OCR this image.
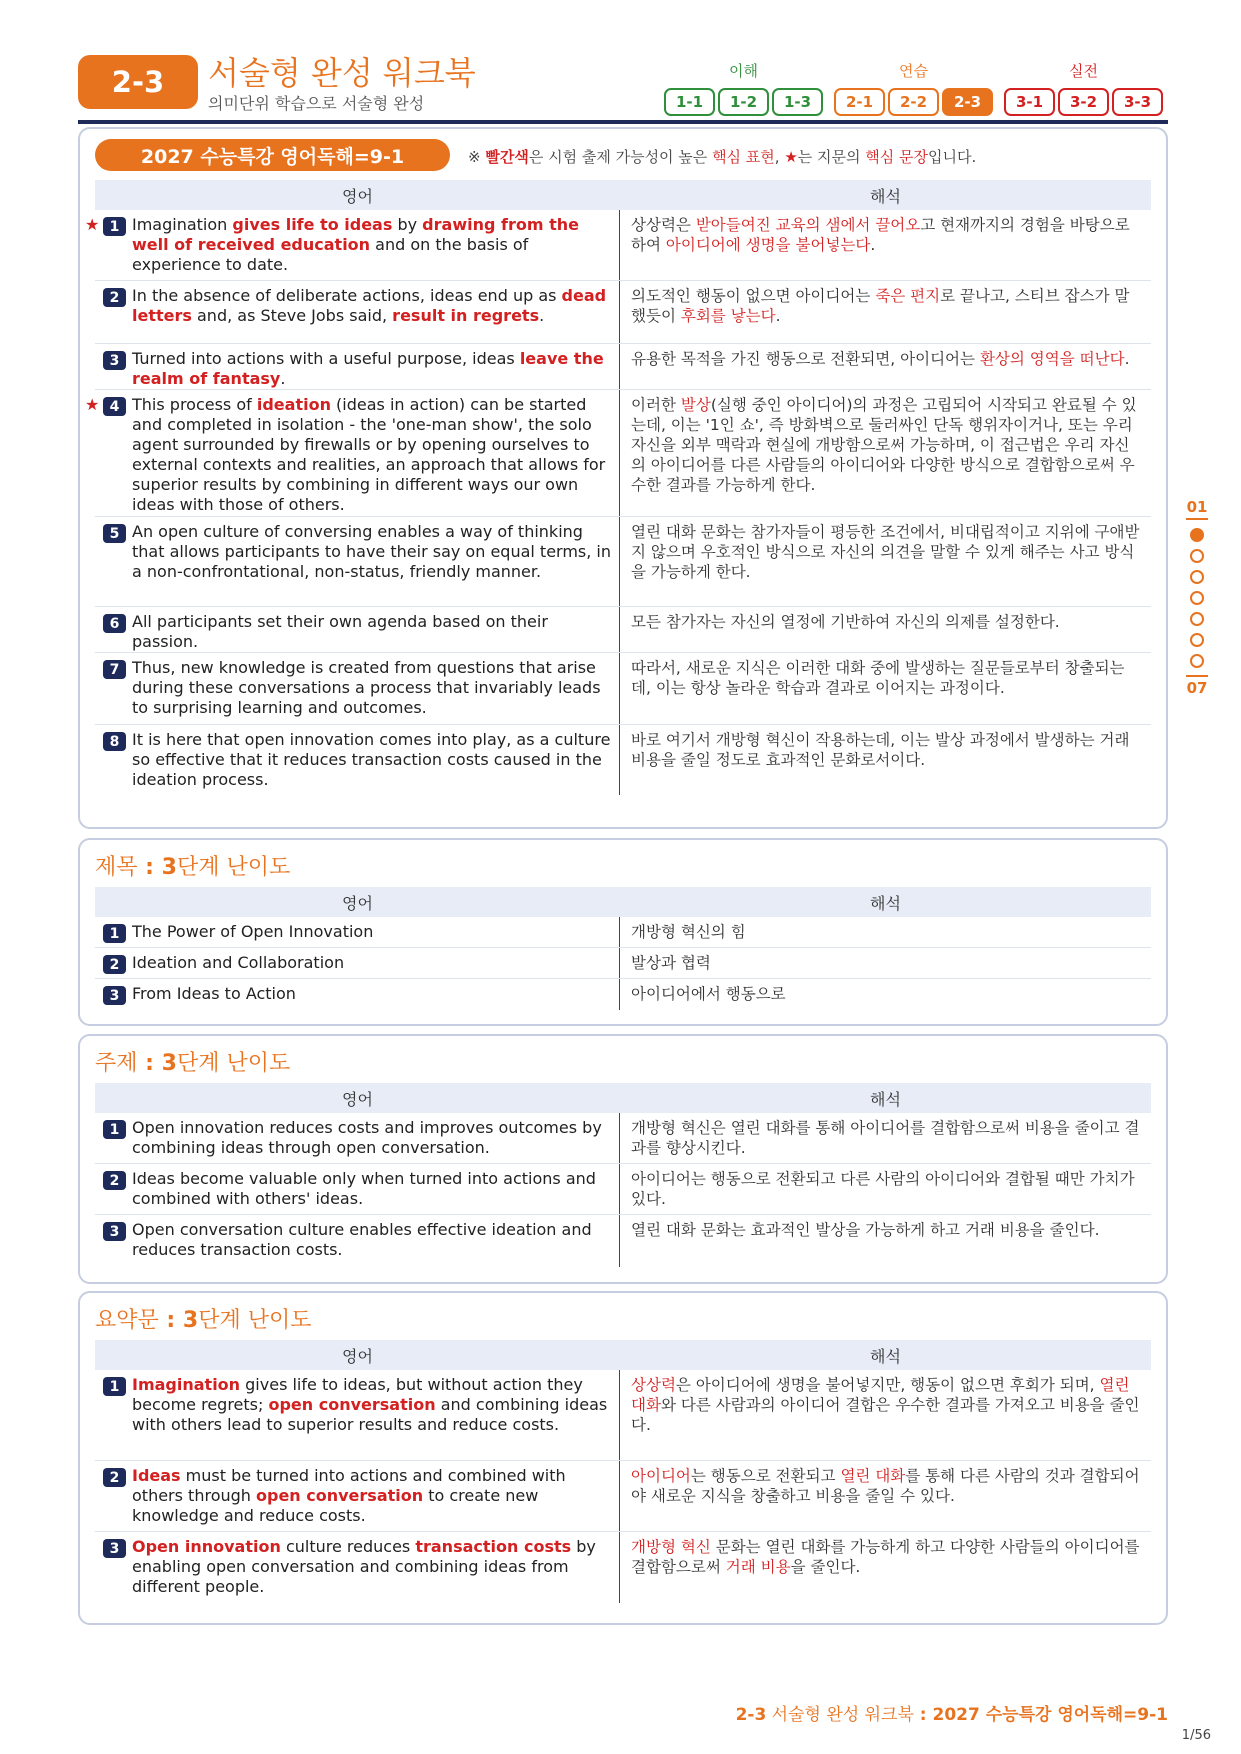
2-3	서술형 완성 워크북
의미단위 학습으로 서술형 완성
이해
1-1	1-2	1-3
연습
2-1	2-2	2-3
실전
3-1	3-2	3-3
01
07
2027 수능특강 영어독해=9-1	※ 빨간색은 시험 출제 가능성이 높은 핵심 표현, ★는 지문의 핵심 문장입니다.
영어	해석
★ 1 Imagination gives life to ideas by drawing from the well of received education and on the basis of experience to date.
상상력은 받아들여진 교육의 샘에서 끌어오고 현재까지의 경험을 바탕으로 하여 아이디어에 생명을 불어넣는다.
2 In the absence of deliberate actions, ideas end up as dead letters and, as Steve Jobs said, result in regrets.
의도적인 행동이 없으면 아이디어는 죽은 편지로 끝나고, 스티브 잡스가 말했듯이 후회를 낳는다.
3 Turned into actions with a useful purpose, ideas leave the realm of fantasy.
유용한 목적을 가진 행동으로 전환되면, 아이디어는 환상의 영역을 떠난다.
★ 4 This process of ideation (ideas in action) can be started and completed in isolation - the 'one-man show', the solo agent surrounded by firewalls or by opening ourselves to external contexts and realities, an approach that allows for superior results by combining in different ways our own ideas with those of others.
이러한 발상(실행 중인 아이디어)의 과정은 고립되어 시작되고 완료될 수 있는데, 이는 '1인 쇼', 즉 방화벽으로 둘러싸인 단독 행위자이거나, 또는 우리 자신을 외부 맥락과 현실에 개방함으로써 가능하며, 이 접근법은 우리 자신의 아이디어를 다른 사람들의 아이디어와 다양한 방식으로 결합함으로써 우수한 결과를 가능하게 한다.
5 An open culture of conversing enables a way of thinking that allows participants to have their say on equal terms, in a non-confrontational, non-status, friendly manner.
열린 대화 문화는 참가자들이 평등한 조건에서, 비대립적이고 지위에 구애받지 않으며 우호적인 방식으로 자신의 의견을 말할 수 있게 해주는 사고 방식을 가능하게 한다.
6 All participants set their own agenda based on their passion.
모든 참가자는 자신의 열정에 기반하여 자신의 의제를 설정한다.
7 Thus, new knowledge is created from questions that arise during these conversations a process that invariably leads to surprising learning and outcomes.
따라서, 새로운 지식은 이러한 대화 중에 발생하는 질문들로부터 창출되는데, 이는 항상 놀라운 학습과 결과로 이어지는 과정이다.
8 It is here that open innovation comes into play, as a culture so effective that it reduces transaction costs caused in the ideation process.
바로 여기서 개방형 혁신이 작용하는데, 이는 발상 과정에서 발생하는 거래 비용을 줄일 정도로 효과적인 문화로서이다.
제목 : 3단계 난이도
영어	해석
1 The Power of Open Innovation	개방형 혁신의 힘
2 Ideation and Collaboration	발상과 협력
3 From Ideas to Action	아이디어에서 행동으로
주제 : 3단계 난이도
영어	해석
1 Open innovation reduces costs and improves outcomes by combining ideas through open conversation.
개방형 혁신은 열린 대화를 통해 아이디어를 결합함으로써 비용을 줄이고 결과를 향상시킨다.
2 Ideas become valuable only when turned into actions and combined with others' ideas.
아이디어는 행동으로 전환되고 다른 사람의 아이디어와 결합될 때만 가치가 있다.
3 Open conversation culture enables effective ideation and reduces transaction costs.
열린 대화 문화는 효과적인 발상을 가능하게 하고 거래 비용을 줄인다.
요약문 : 3단계 난이도
영어	해석
1 Imagination gives life to ideas, but without action they become regrets; open conversation and combining ideas with others lead to superior results and reduce costs.
상상력은 아이디어에 생명을 불어넣지만, 행동이 없으면 후회가 되며, 열린 대화와 다른 사람과의 아이디어 결합은 우수한 결과를 가져오고 비용을 줄인다.
2 Ideas must be turned into actions and combined with others through open conversation to create new knowledge and reduce costs.
아이디어는 행동으로 전환되고 열린 대화를 통해 다른 사람의 것과 결합되어야 새로운 지식을 창출하고 비용을 줄일 수 있다.
3 Open innovation culture reduces transaction costs by enabling open conversation and combining ideas from different people.
개방형 혁신 문화는 열린 대화를 가능하게 하고 다양한 사람들의 아이디어를 결합함으로써 거래 비용을 줄인다.
2-3 서술형 완성 워크북 : 2027 수능특강 영어독해=9-1
1/56
